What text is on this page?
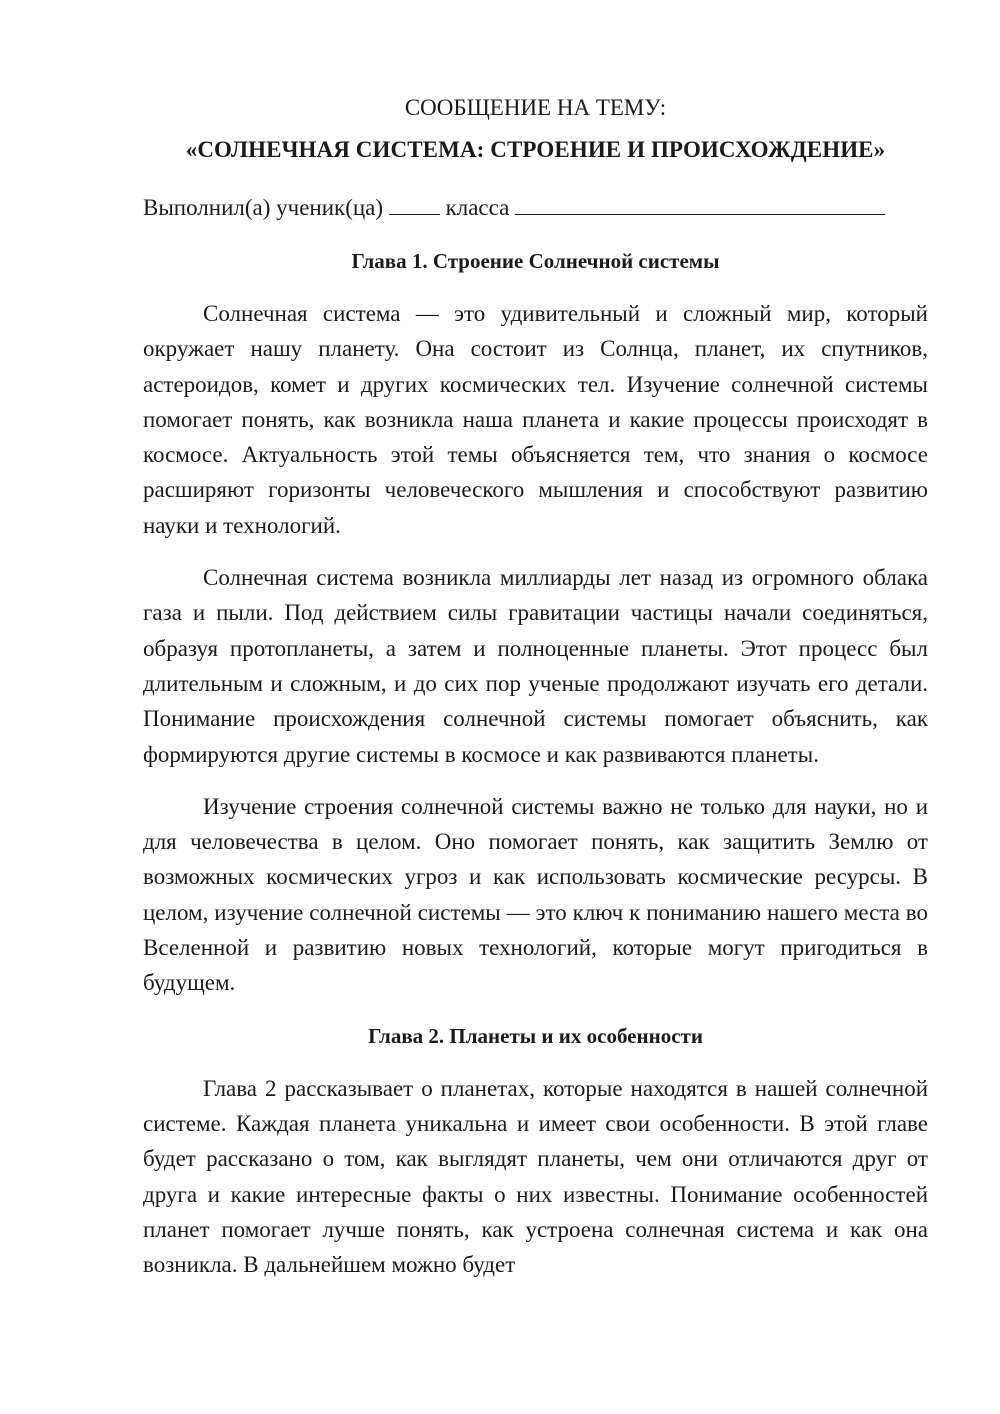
СООБЩЕНИЕ НА ТЕМУ:

«СОЛНЕЧНАЯ СИСТЕМА: СТРОЕНИЕ И ПРОИСХОЖДЕНИЕ»

Выполнил(а) ученик(ца)	класса

Глава 1. Строение Солнечной системы

Солнечная система — это удивительный и сложный мир, который окружает нашу планету. Она состоит из Солнца, планет, их спутников, астероидов, комет и других космических тел. Изучение солнечной системы помогает понять, как возникла наша планета и какие процессы происходят в космосе. Актуальность этой темы объясняется тем, что знания о космосе расширяют горизонты человеческого мышления и способствуют развитию науки и технологий.

Солнечная система возникла миллиарды лет назад из огромного облака газа и пыли. Под действием силы гравитации частицы начали соединяться, образуя протопланеты, а затем и полноценные планеты. Этот процесс был длительным и сложным, и до сих пор ученые продолжают изучать его детали. Понимание происхождения солнечной системы помогает объяснить, как формируются другие системы в космосе и как развиваются планеты.

Изучение строения солнечной системы важно не только для науки, но и для человечества в целом. Оно помогает понять, как защитить Землю от возможных космических угроз и как использовать космические ресурсы. В целом, изучение солнечной системы — это ключ к пониманию нашего места во Вселенной и развитию новых технологий, которые могут пригодиться в будущем.

Глава 2. Планеты и их особенности

Глава 2 рассказывает о планетах, которые находятся в нашей солнечной системе. Каждая планета уникальна и имеет свои особенности. В этой главе будет рассказано о том, как выглядят планеты, чем они отличаются друг от друга и какие интересные факты о них известны. Понимание особенностей планет помогает лучше понять, как устроена солнечная система и как она возникла. В дальнейшем можно будет
